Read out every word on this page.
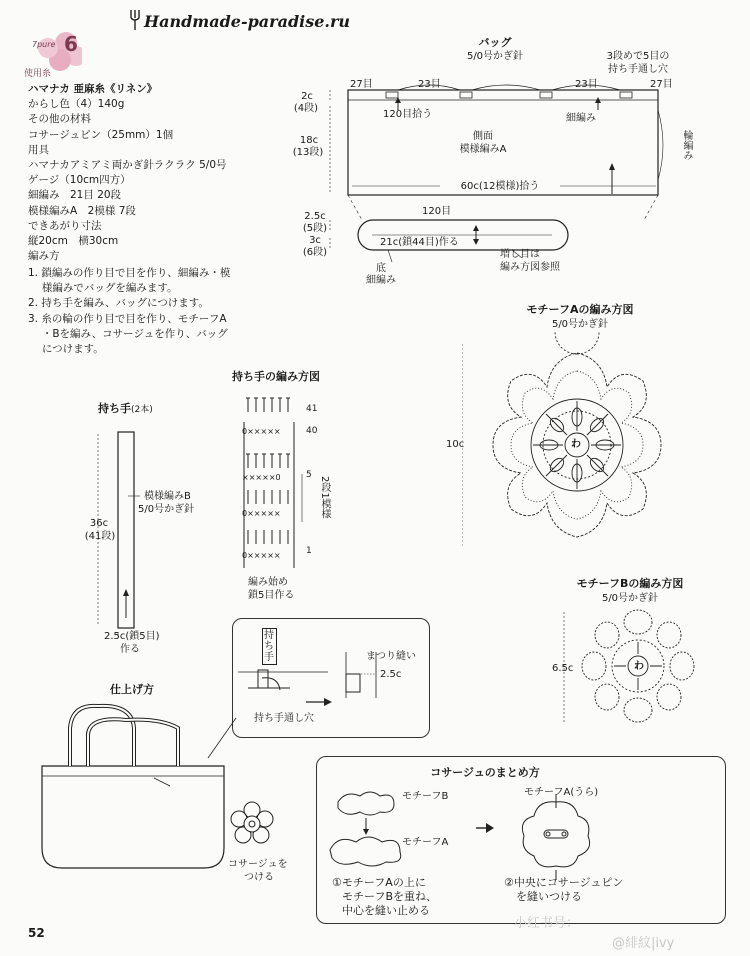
7pure 6
使用糸
Handmade-paradise.ru
ハマナカ 亜麻糸《リネン》
からし色（4）140g
その他の材料
コサージュピン（25mm）1個
用具
ハマナカアミアミ両かぎ針ラクラク 5/0号
ゲージ（10cm四方）
細編み　21目 20段
模様編みA　2模様 7段
できあがり寸法
縦20cm　横30cm
編み方
1. 鎖編みの作り目で目を作り、細編み・模
　 様編みでバッグを編みます。
2. 持ち手を編み、バッグにつけます。
3. 糸の輪の作り目で目を作り、モチーフA
　 ・Bを編み、コサージュを作り、バッグ
　 につけます。
バッグ
5/0号かぎ針	3段めで5目の
持ち手通し穴
23目	23目
27目	27目
2c
(4段)
120目拾う	細編み
側面
模様編みA
18c
(13段)	輪編み
60c(12模様)拾う
120目
2.5c
(5段)
3c
(6段)
21c(鎖44目)作る
底
細編み
増し目は
編み方図参照
持ち手(2本)
模様編みB
5/0号かぎ針
36c
(41段)
2.5c(鎖5目)
作る
持ち手の編み方図
0×××××
×××××0
0×××××
0×××××
41
40
5
1
2段1模様
編み始め
鎖5目作る
モチーフAの編み方図
5/0号かぎ針
10c	わ
モチーフBの編み方図
5/0号かぎ針
6.5c	わ
仕上げ方
持ち手
持ち手通し穴
まつり縫い
2.5c
コサージュを
つける
コサージュのまとめ方
モチーフB
モチーフA
モチーフA(うら)
①モチーフAの上に
モチーフBを重ね、
中心を縫い止める
②中央にコサージュピン
を縫いつける
52
小红书号：
@緋紋|ivy
